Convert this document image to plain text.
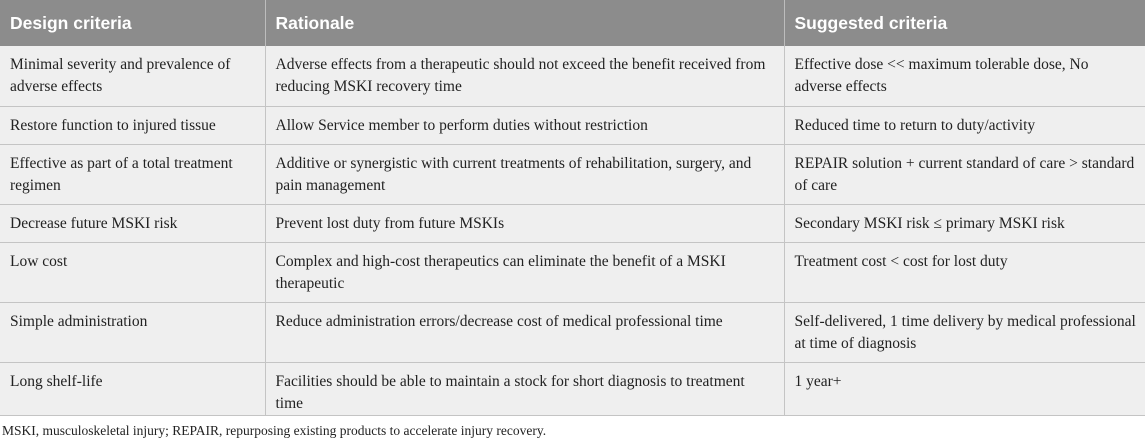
Design criteria	Rationale	Suggested criteria
Minimal severity and prevalence of adverse effects	Adverse effects from a therapeutic should not exceed the benefit received from reducing MSKI recovery time	Effective dose << maximum tolerable dose, No adverse effects
Restore function to injured tissue	Allow Service member to perform duties without restriction	Reduced time to return to duty/activity
Effective as part of a total treatment regimen	Additive or synergistic with current treatments of rehabilitation, surgery, and pain management	REPAIR solution + current standard of care > standard of care
Decrease future MSKI risk	Prevent lost duty from future MSKIs	Secondary MSKI risk ≤ primary MSKI risk
Low cost	Complex and high-cost therapeutics can eliminate the benefit of a MSKI therapeutic	Treatment cost < cost for lost duty
Simple administration	Reduce administration errors/decrease cost of medical professional time	Self-delivered, 1 time delivery by medical professional at time of diagnosis
Long shelf-life	Facilities should be able to maintain a stock for short diagnosis to treatment time	1 year+
MSKI, musculoskeletal injury; REPAIR, repurposing existing products to accelerate injury recovery.
